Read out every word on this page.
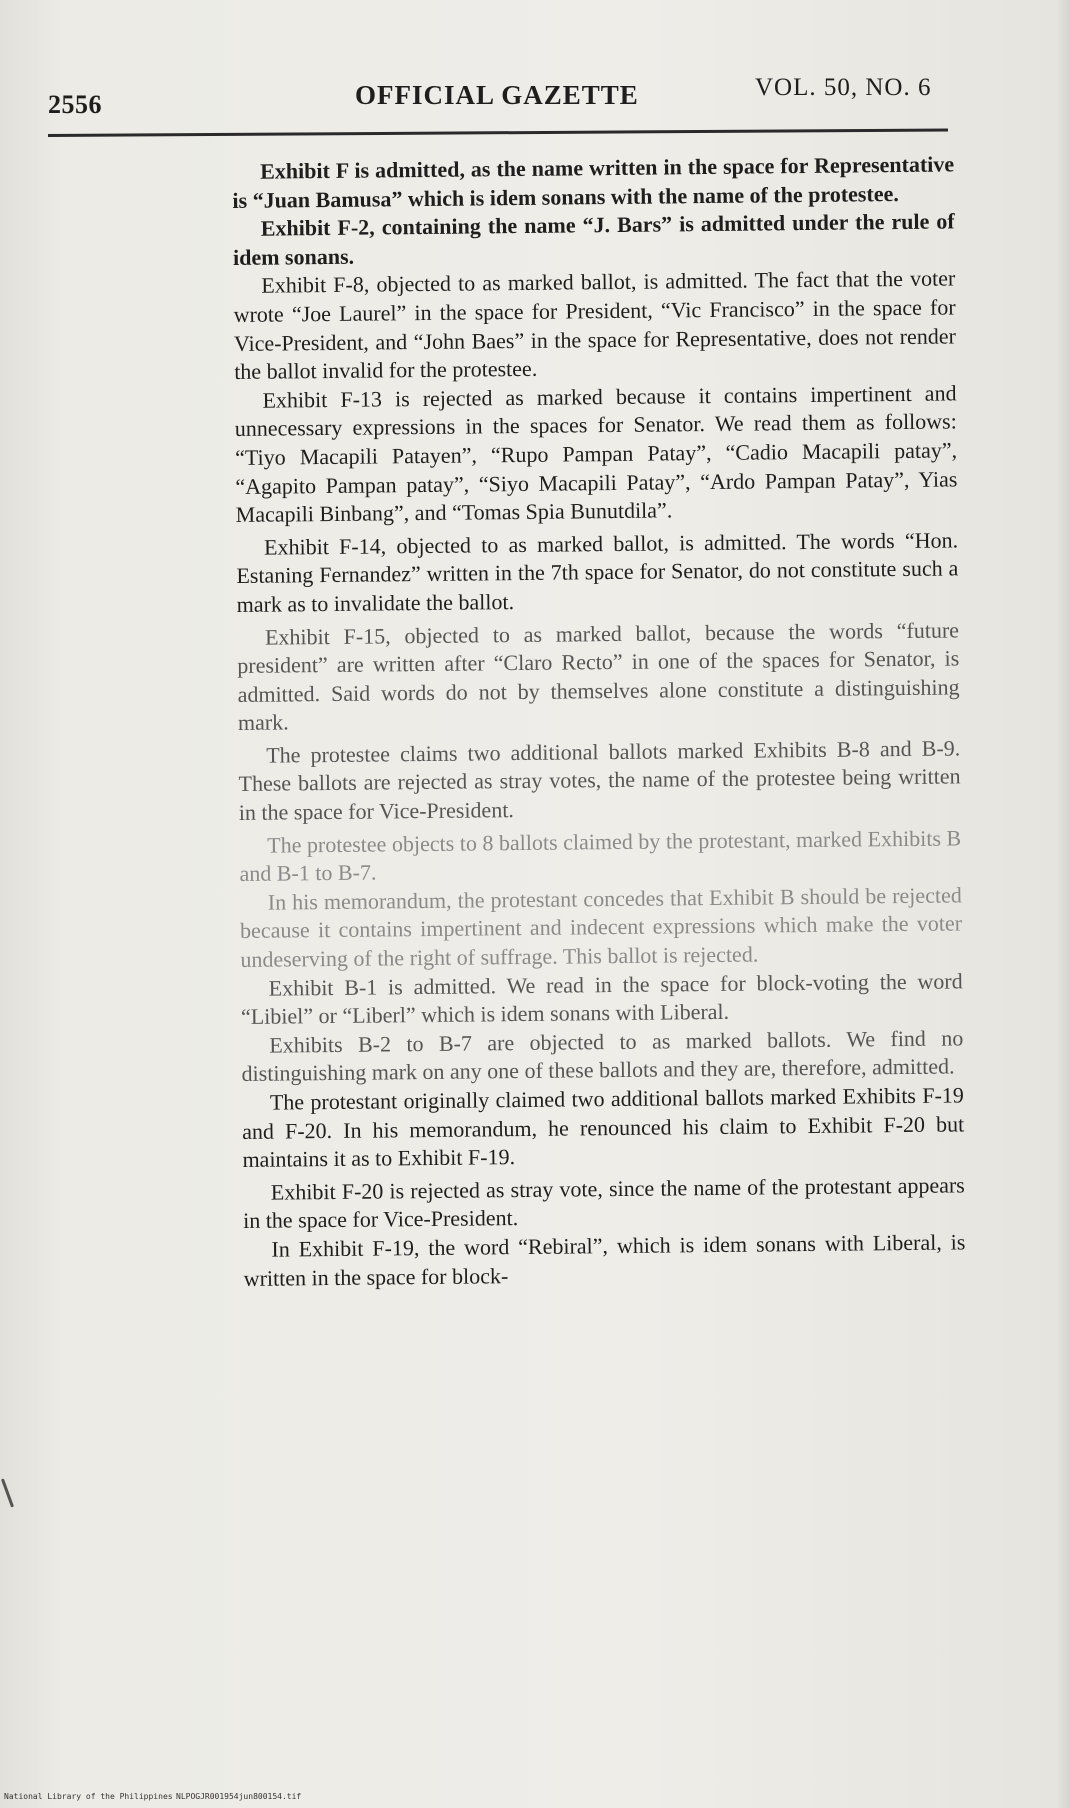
2556	OFFICIAL GAZETTE	VOL. 50, NO. 6

Exhibit F is admitted, as the name written in the space for Representative is “Juan Bamusa” which is idem sonans with the name of the protestee.

Exhibit F-2, containing the name “J. Bars” is admitted under the rule of idem sonans.

Exhibit F-8, objected to as marked ballot, is admitted. The fact that the voter wrote “Joe Laurel” in the space for President, “Vic Francisco” in the space for Vice-President, and “John Baes” in the space for Representative, does not render the ballot invalid for the protestee.

Exhibit F-13 is rejected as marked because it contains impertinent and unnecessary expressions in the spaces for Senator. We read them as follows: “Tiyo Macapili Patayen”, “Rupo Pampan Patay”, “Cadio Macapili patay”, “Agapito Pampan patay”, “Siyo Macapili Patay”, “Ardo Pampan Patay”, Yias Macapili Binbang”, and “Tomas Spia Bunutdila”.

Exhibit F-14, objected to as marked ballot, is admitted. The words “Hon. Estaning Fernandez” written in the 7th space for Senator, do not constitute such a mark as to invalidate the ballot.

Exhibit F-15, objected to as marked ballot, because the words “future president” are written after “Claro Recto” in one of the spaces for Senator, is admitted. Said words do not by themselves alone constitute a distinguishing mark.

The protestee claims two additional ballots marked Exhibits B-8 and B-9. These ballots are rejected as stray votes, the name of the protestee being written in the space for Vice-President.

The protestee objects to 8 ballots claimed by the protestant, marked Exhibits B and B-1 to B-7.

In his memorandum, the protestant concedes that Exhibit B should be rejected because it contains impertinent and indecent expressions which make the voter undeserving of the right of suffrage. This ballot is rejected.

Exhibit B-1 is admitted. We read in the space for block-voting the word “Libiel” or “Liberl” which is idem sonans with Liberal.

Exhibits B-2 to B-7 are objected to as marked ballots. We find no distinguishing mark on any one of these ballots and they are, therefore, admitted.

The protestant originally claimed two additional ballots marked Exhibits F-19 and F-20. In his memorandum, he renounced his claim to Exhibit F-20 but maintains it as to Exhibit F-19.

Exhibit F-20 is rejected as stray vote, since the name of the protestant appears in the space for Vice-President.

In Exhibit F-19, the word “Rebiral”, which is idem sonans with Liberal, is written in the space for block-

National Library of the Philippines NLPOGJR001954jun800154.tif
